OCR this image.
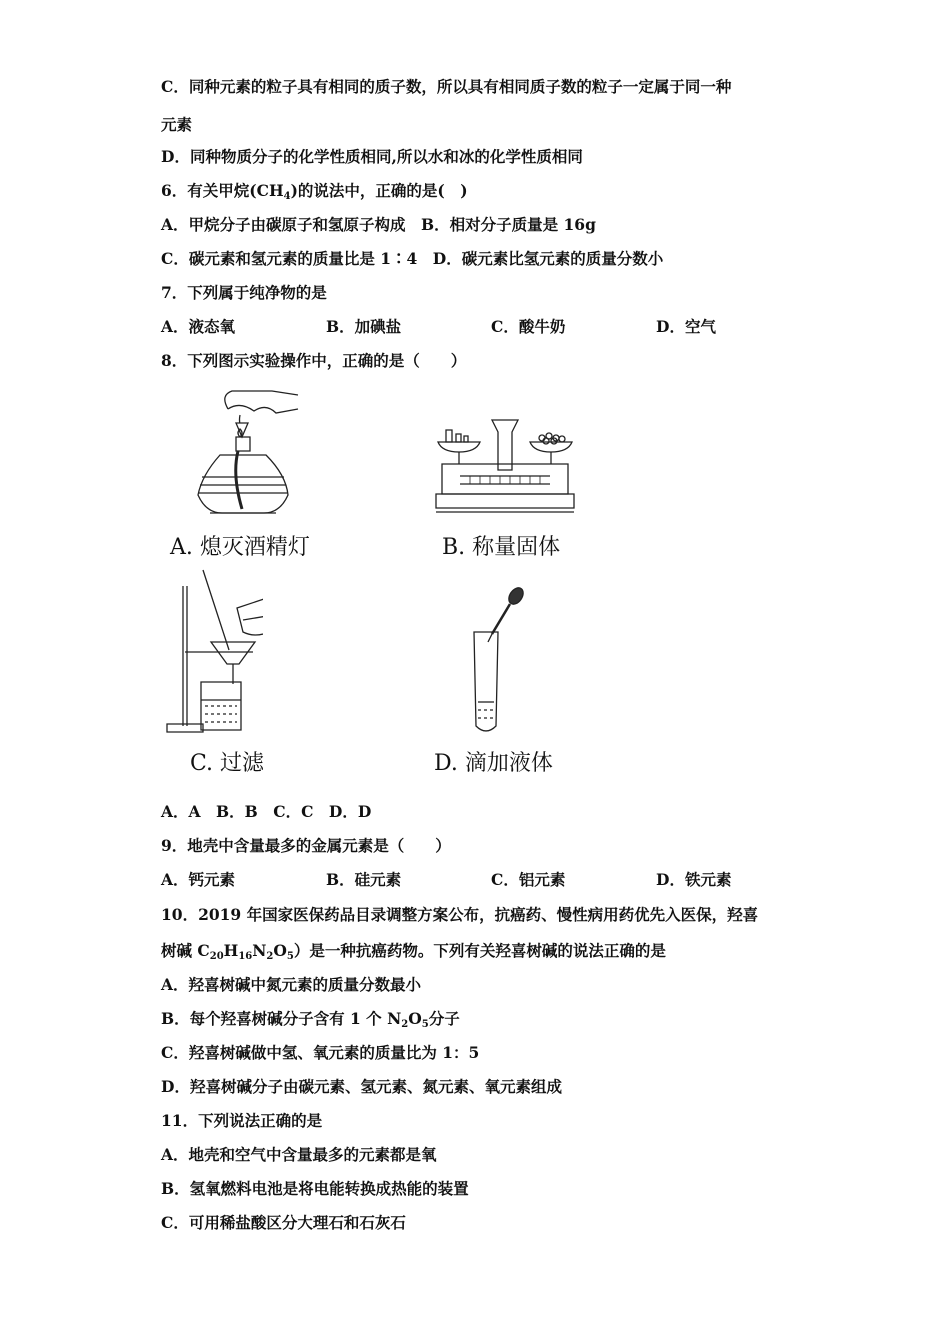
C．同种元素的粒子具有相同的质子数，所以具有相同质子数的粒子一定属于同一种
元素
D．同种物质分子的化学性质相同,所以水和冰的化学性质相同
6．有关甲烷$(CH_4)$的说法中，正确的是(　)
A．甲烷分子由碳原子和氢原子构成　B．相对分子质量是 16g
C．碳元素和氢元素的质量比是 1∶4　D．碳元素比氢元素的质量分数小
7．下列属于纯净物的是
A．液态氧	B．加碘盐	C．酸牛奶	D．空气
8．下列图示实验操作中，正确的是（　　）
A. 熄灭酒精灯	B. 称量固体
C. 过滤	D. 滴加液体
A．A　B．B　C．C　D．D
9．地壳中含量最多的金属元素是（　　）
A．钙元素	B．硅元素	C．铝元素	D．铁元素
10．2019 年国家医保药品目录调整方案公布，抗癌药、慢性病用药优先入医保，羟喜
树碱 $C_{20}H_{16}N_2O_5$）是一种抗癌药物。下列有关羟喜树碱的说法正确的是
A．羟喜树碱中氮元素的质量分数最小
B．每个羟喜树碱分子含有 1 个 $N_2O_5$分子
C．羟喜树碱做中氢、氧元素的质量比为 1：5
D．羟喜树碱分子由碳元素、氢元素、氮元素、氧元素组成
11．下列说法正确的是
A．地壳和空气中含量最多的元素都是氧
B．氢氧燃料电池是将电能转换成热能的装置
C．可用稀盐酸区分大理石和石灰石
